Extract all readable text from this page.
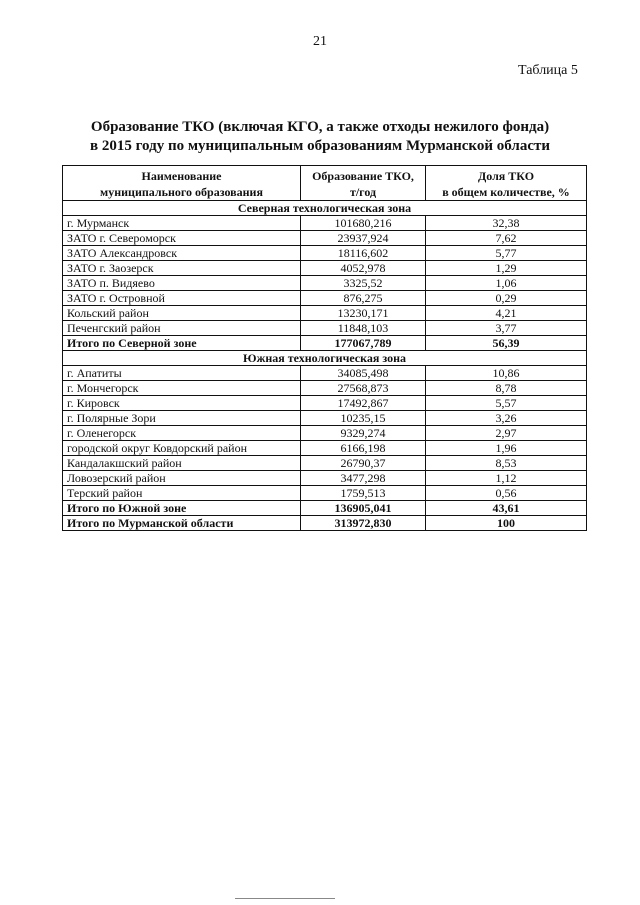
21
Таблица 5
Образование ТКО (включая КГО, а также отходы нежилого фонда)
в 2015 году по муниципальным образованиям Мурманской области
Наименование	Образование ТКО,	Доля ТКО
муниципального образования	т/год	в общем количестве, %
Северная технологическая зона		
г. Мурманск	101680,216	32,38
ЗАТО г. Североморск	23937,924	7,62
ЗАТО Александровск	18116,602	5,77
ЗАТО г. Заозерск	4052,978	1,29
ЗАТО п. Видяево	3325,52	1,06
ЗАТО г. Островной	876,275	0,29
Кольский район	13230,171	4,21
Печенгский район	11848,103	3,77
Итого по Северной зоне	177067,789	56,39
Южная технологическая зона		
г. Апатиты	34085,498	10,86
г. Мончегорск	27568,873	8,78
г. Кировск	17492,867	5,57
г. Полярные Зори	10235,15	3,26
г. Оленегорск	9329,274	2,97
городской округ Ковдорский район	6166,198	1,96
Кандалакшский район	26790,37	8,53
Ловозерский район	3477,298	1,12
Терский район	1759,513	0,56
Итого по Южной зоне	136905,041	43,61
Итого по Мурманской области	313972,830	100
